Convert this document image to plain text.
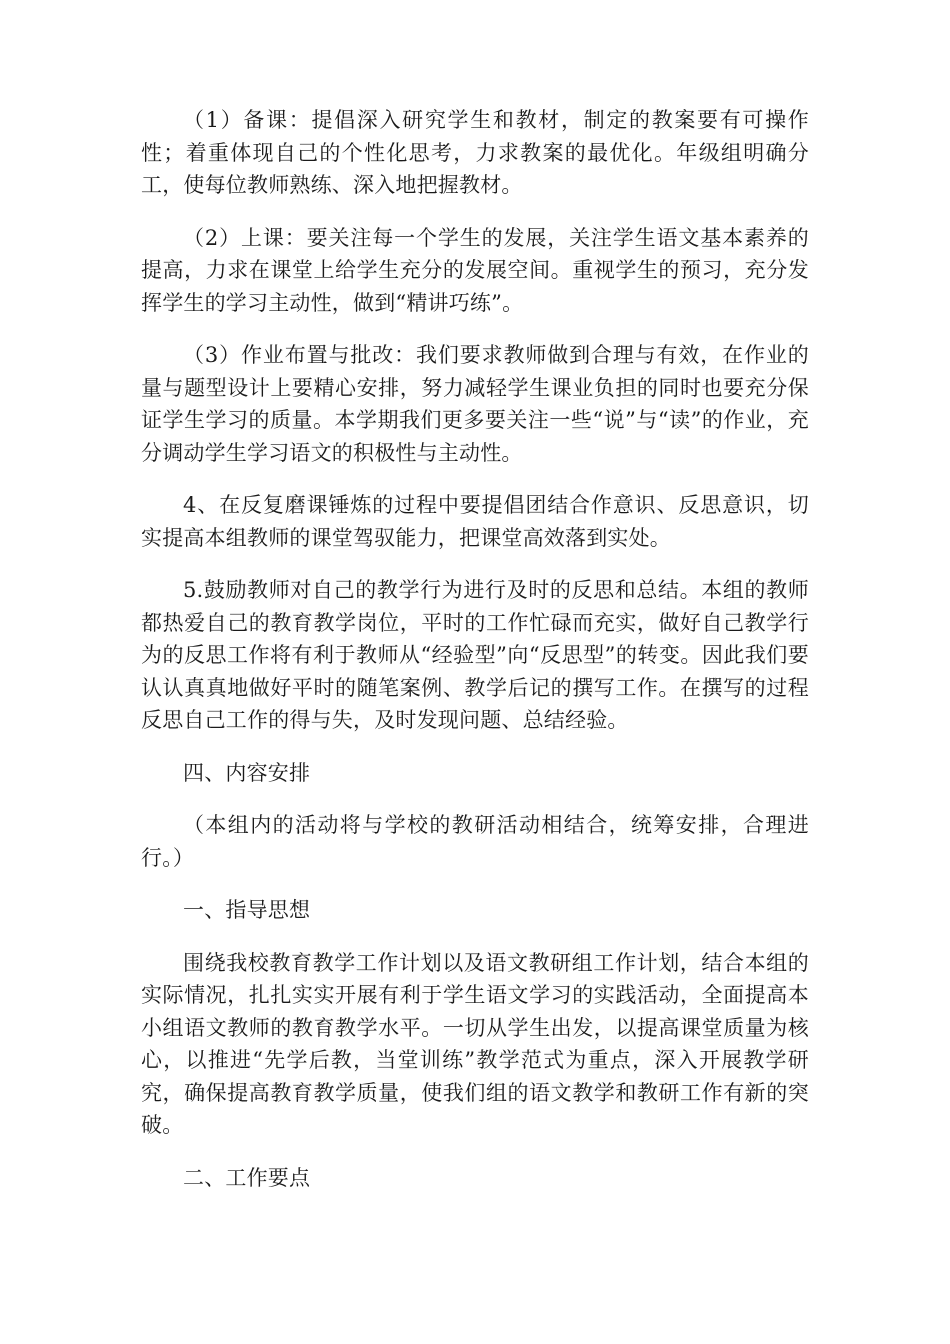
（1）备课：提倡深入研究学生和教材，制定的教案要有可操作性；着重体现自己的个性化思考，力求教案的最优化。年级组明确分工，使每位教师熟练、深入地把握教材。

（2）上课：要关注每一个学生的发展，关注学生语文基本素养的提高，力求在课堂上给学生充分的发展空间。重视学生的预习，充分发挥学生的学习主动性，做到“精讲巧练”。

（3）作业布置与批改：我们要求教师做到合理与有效，在作业的量与题型设计上要精心安排，努力减轻学生课业负担的同时也要充分保证学生学习的质量。本学期我们更多要关注一些“说”与“读”的作业，充分调动学生学习语文的积极性与主动性。

4、在反复磨课锤炼的过程中要提倡团结合作意识、反思意识，切实提高本组教师的课堂驾驭能力，把课堂高效落到实处。

5.鼓励教师对自己的教学行为进行及时的反思和总结。本组的教师都热爱自己的教育教学岗位，平时的工作忙碌而充实，做好自己教学行为的反思工作将有利于教师从“经验型”向“反思型”的转变。因此我们要认认真真地做好平时的随笔案例、教学后记的撰写工作。在撰写的过程反思自己工作的得与失，及时发现问题、总结经验。

四、内容安排

（本组内的活动将与学校的教研活动相结合，统筹安排，合理进行。）

一、指导思想

围绕我校教育教学工作计划以及语文教研组工作计划，结合本组的实际情况，扎扎实实开展有利于学生语文学习的实践活动，全面提高本小组语文教师的教育教学水平。一切从学生出发，以提高课堂质量为核心，以推进“先学后教，当堂训练”教学范式为重点，深入开展教学研究，确保提高教育教学质量，使我们组的语文教学和教研工作有新的突破。

二、工作要点
